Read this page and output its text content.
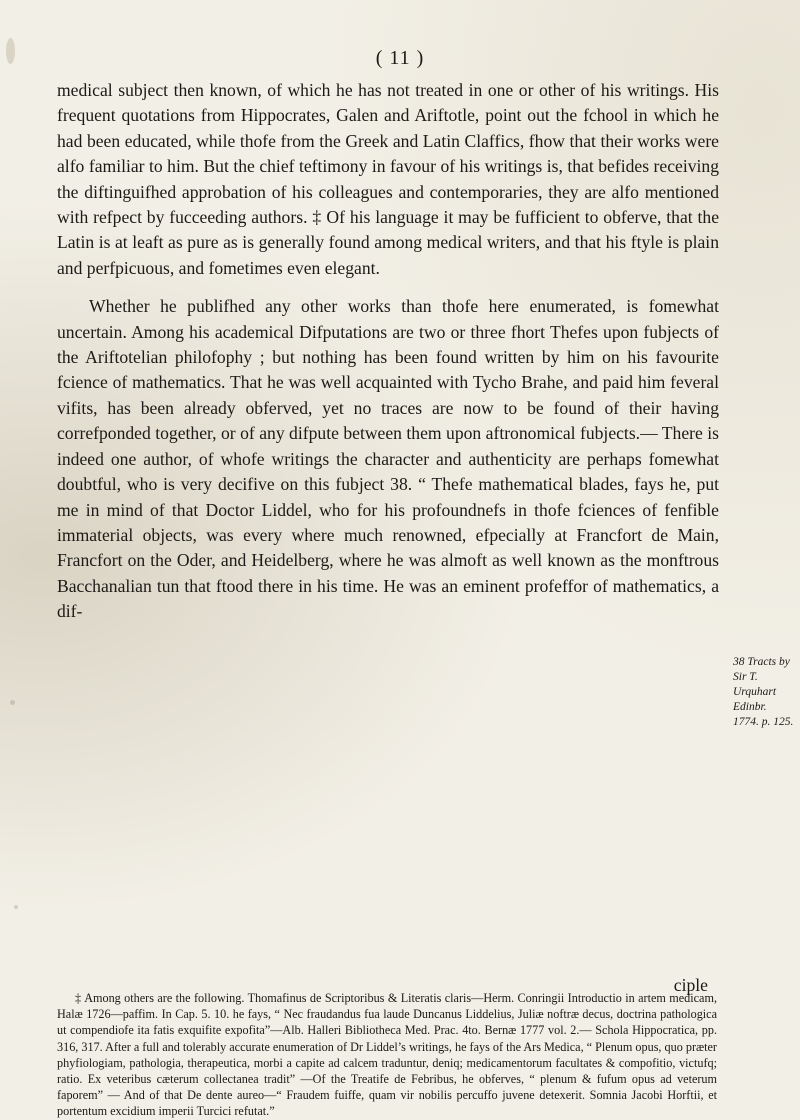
( 11 )

medical subject then known, of which he has not treated in one or other of his writings. His frequent quotations from Hippocrates, Galen and Ariftotle, point out the fchool in which he had been educated, while thofe from the Greek and Latin Claffics, fhow that their works were alfo familiar to him. But the chief teftimony in favour of his writings is, that befides receiving the diftinguifhed approbation of his colleagues and contemporaries, they are alfo mentioned with refpect by fucceeding authors. ‡ Of his language it may be fufficient to obferve, that the Latin is at leaft as pure as is generally found among medical writers, and that his ftyle is plain and perfpicuous, and fometimes even elegant.

Whether he publifhed any other works than thofe here enumerated, is fomewhat uncertain. Among his academical Difputations are two or three fhort Thefes upon fubjects of the Ariftotelian philofophy ; but nothing has been found written by him on his favourite fcience of mathematics. That he was well acquainted with Tycho Brahe, and paid him feveral vifits, has been already obferved, yet no traces are now to be found of their having correfponded together, or of any difpute between them upon aftronomical fubjects.— There is indeed one author, of whofe writings the character and authenticity are perhaps fomewhat doubtful, who is very decifive on this fubject 38. “ Thefe mathematical blades, fays he, put me in mind of that Doctor Liddel, who for his profoundnefs in thofe fciences of fenfible immaterial objects, was every where much renowned, efpecially at Francfort de Main, Francfort on the Oder, and Heidelberg, where he was almoft as well known as the monftrous Bacchanalian tun that ftood there in his time. He was an eminent profeffor of mathematics, a dif-

38 Tracts by Sir T. Urquhart Edinbr. 1774. p. 125.
ciple

‡ Among others are the following. Thomafinus de Scriptoribus & Literatis claris—Herm. Conringii Introductio in artem medicam, Halæ 1726—paffim. In Cap. 5. 10. he fays, “ Nec fraudandus fua laude Duncanus Liddelius, Juliæ noftræ decus, doctrina pathologica ut compendiofe ita fatis exquifite expofita”—Alb. Halleri Bibliotheca Med. Prac. 4to. Bernæ 1777 vol. 2.— Schola Hippocratica, pp. 316, 317. After a full and tolerably accurate enumeration of Dr Liddel’s writings, he fays of the Ars Medica, “ Plenum opus, quo præter phyfiologiam, pathologia, therapeutica, morbi a capite ad calcem traduntur, deniq; medicamentorum facultates & compofitio, victufq; ratio. Ex veteribus cæterum collectanea tradit” —Of the Treatife de Febribus, he obferves, “ plenum & fufum opus ad veterum faporem” — And of that De dente aureo—“ Fraudem fuiffe, quam vir nobilis percuffo juvene detexerit. Somnia Jacobi Horftii, et portentum excidium imperii Turcici refutat.”
